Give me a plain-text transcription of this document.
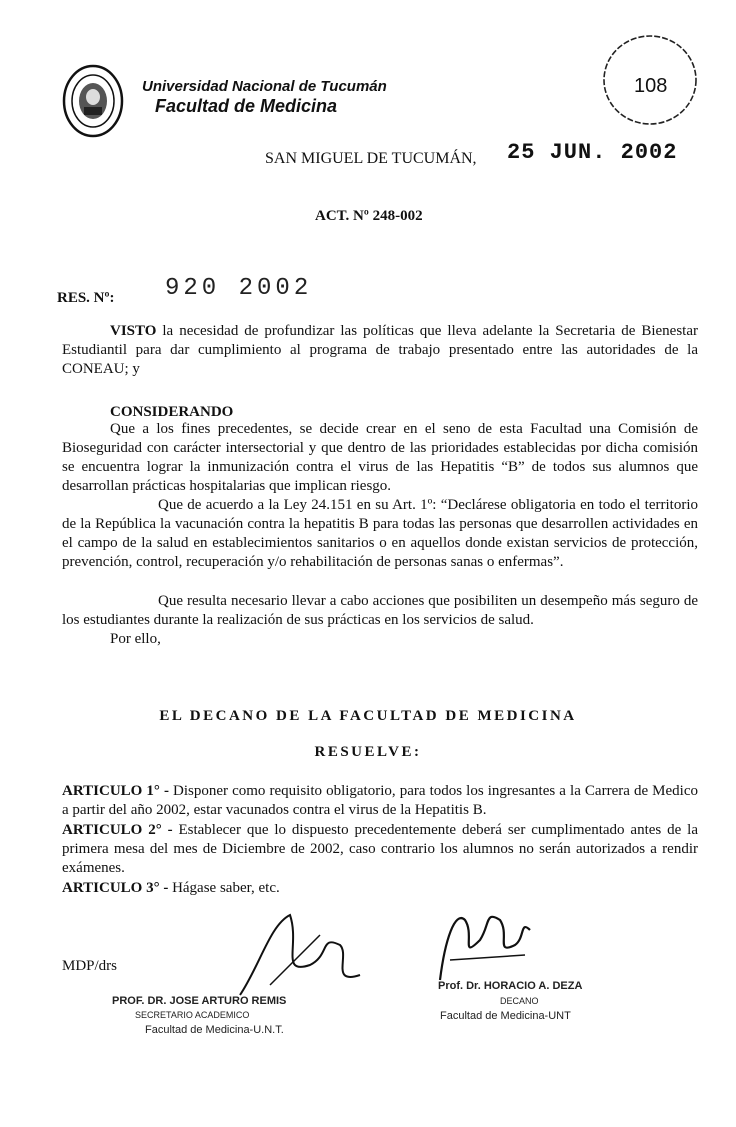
Universidad Nacional de Tucumán
Facultad de Medicina
108
SAN MIGUEL DE TUCUMÁN, 25 JUN. 2002
ACT. Nº 248-002
RES. Nº: 920 2002

VISTO la necesidad de profundizar las políticas que lleva adelante la Secretaria de Bienestar Estudiantil para dar cumplimiento al programa de trabajo presentado entre las autoridades de la CONEAU; y

CONSIDERANDO

Que a los fines precedentes, se decide crear en el seno de esta Facultad una Comisión de Bioseguridad con carácter intersectorial y que dentro de las prioridades establecidas por dicha comisión se encuentra lograr la inmunización contra el virus de las Hepatitis “B” de todos sus alumnos que desarrollan prácticas hospitalarias que implican riesgo.

Que de acuerdo a la Ley 24.151 en su Art. 1º: “Declárese obligatoria en todo el territorio de la República la vacunación contra la hepatitis B para todas las personas que desarrollen actividades en el campo de la salud en establecimientos sanitarios o en aquellos donde existan servicios de protección, prevención, control, recuperación y/o rehabilitación de personas sanas o enfermas”.

Que resulta necesario llevar a cabo acciones que posibiliten un desempeño más seguro de los estudiantes durante la realización de sus prácticas en los servicios de salud.

Por ello,
EL DECANO DE LA FACULTAD DE MEDICINA
RESUELVE:

ARTICULO 1° - Disponer como requisito obligatorio, para todos los ingresantes a la Carrera de Medico a partir del año 2002, estar vacunados contra el virus de la Hepatitis B.

ARTICULO 2° - Establecer que lo dispuesto precedentemente deberá ser cumplimentado antes de la primera mesa del mes de Diciembre de 2002, caso contrario los alumnos no serán autorizados a rendir exámenes.

ARTICULO 3° - Hágase saber, etc.

MDP/drs
PROF. DR. JOSE ARTURO REMIS
SECRETARIO ACADEMICO
Facultad de Medicina-U.N.T.
Prof. Dr. HORACIO A. DEZA
DECANO
Facultad de Medicina-UNT
